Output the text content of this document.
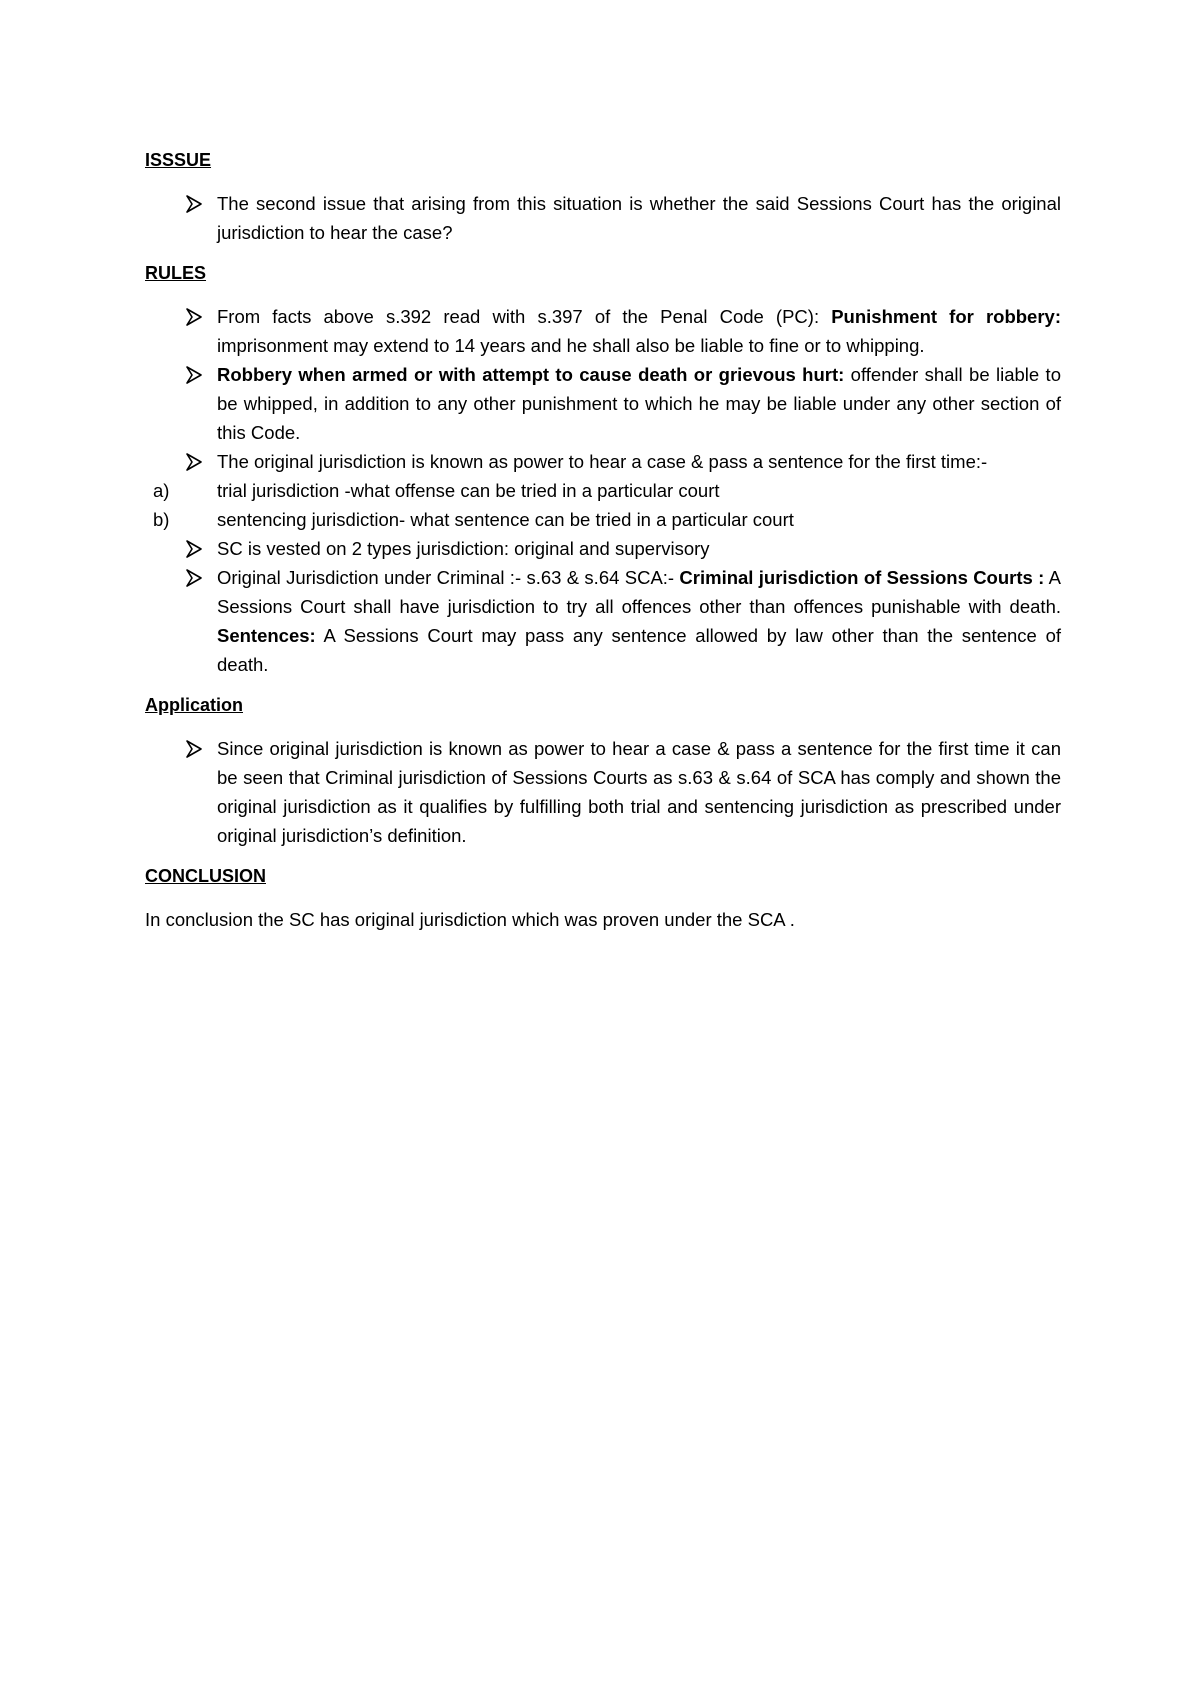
ISSSUE
The second issue that arising from this situation is whether the said Sessions Court has the original jurisdiction to hear the case?
RULES
From facts above s.392 read with s.397 of the Penal Code (PC): Punishment for robbery: imprisonment may extend to 14 years and he shall also be liable to fine or to whipping.
Robbery when armed or with attempt to cause death or grievous hurt: offender shall be liable to be whipped, in addition to any other punishment to which he may be liable under any other section of this Code.
The original jurisdiction is known as power to hear a case & pass a sentence for the first time:-
a)	trial jurisdiction -what offense can be tried in a particular court
b)	sentencing jurisdiction- what sentence can be tried in a particular court
SC is vested on 2 types jurisdiction: original and supervisory
Original Jurisdiction under Criminal :- s.63 & s.64 SCA:- Criminal jurisdiction of Sessions Courts : A Sessions Court shall have jurisdiction to try all offences other than offences punishable with death. Sentences: A Sessions Court may pass any sentence allowed by law other than the sentence of death.
Application
Since original jurisdiction is known as power to hear a case & pass a sentence for the first time it can be seen that Criminal jurisdiction of Sessions Courts as s.63 & s.64 of SCA has comply and shown the original jurisdiction as it qualifies by fulfilling both trial and sentencing jurisdiction as prescribed under original jurisdiction’s definition.
CONCLUSION

In conclusion the SC has original jurisdiction which was proven under the SCA .
